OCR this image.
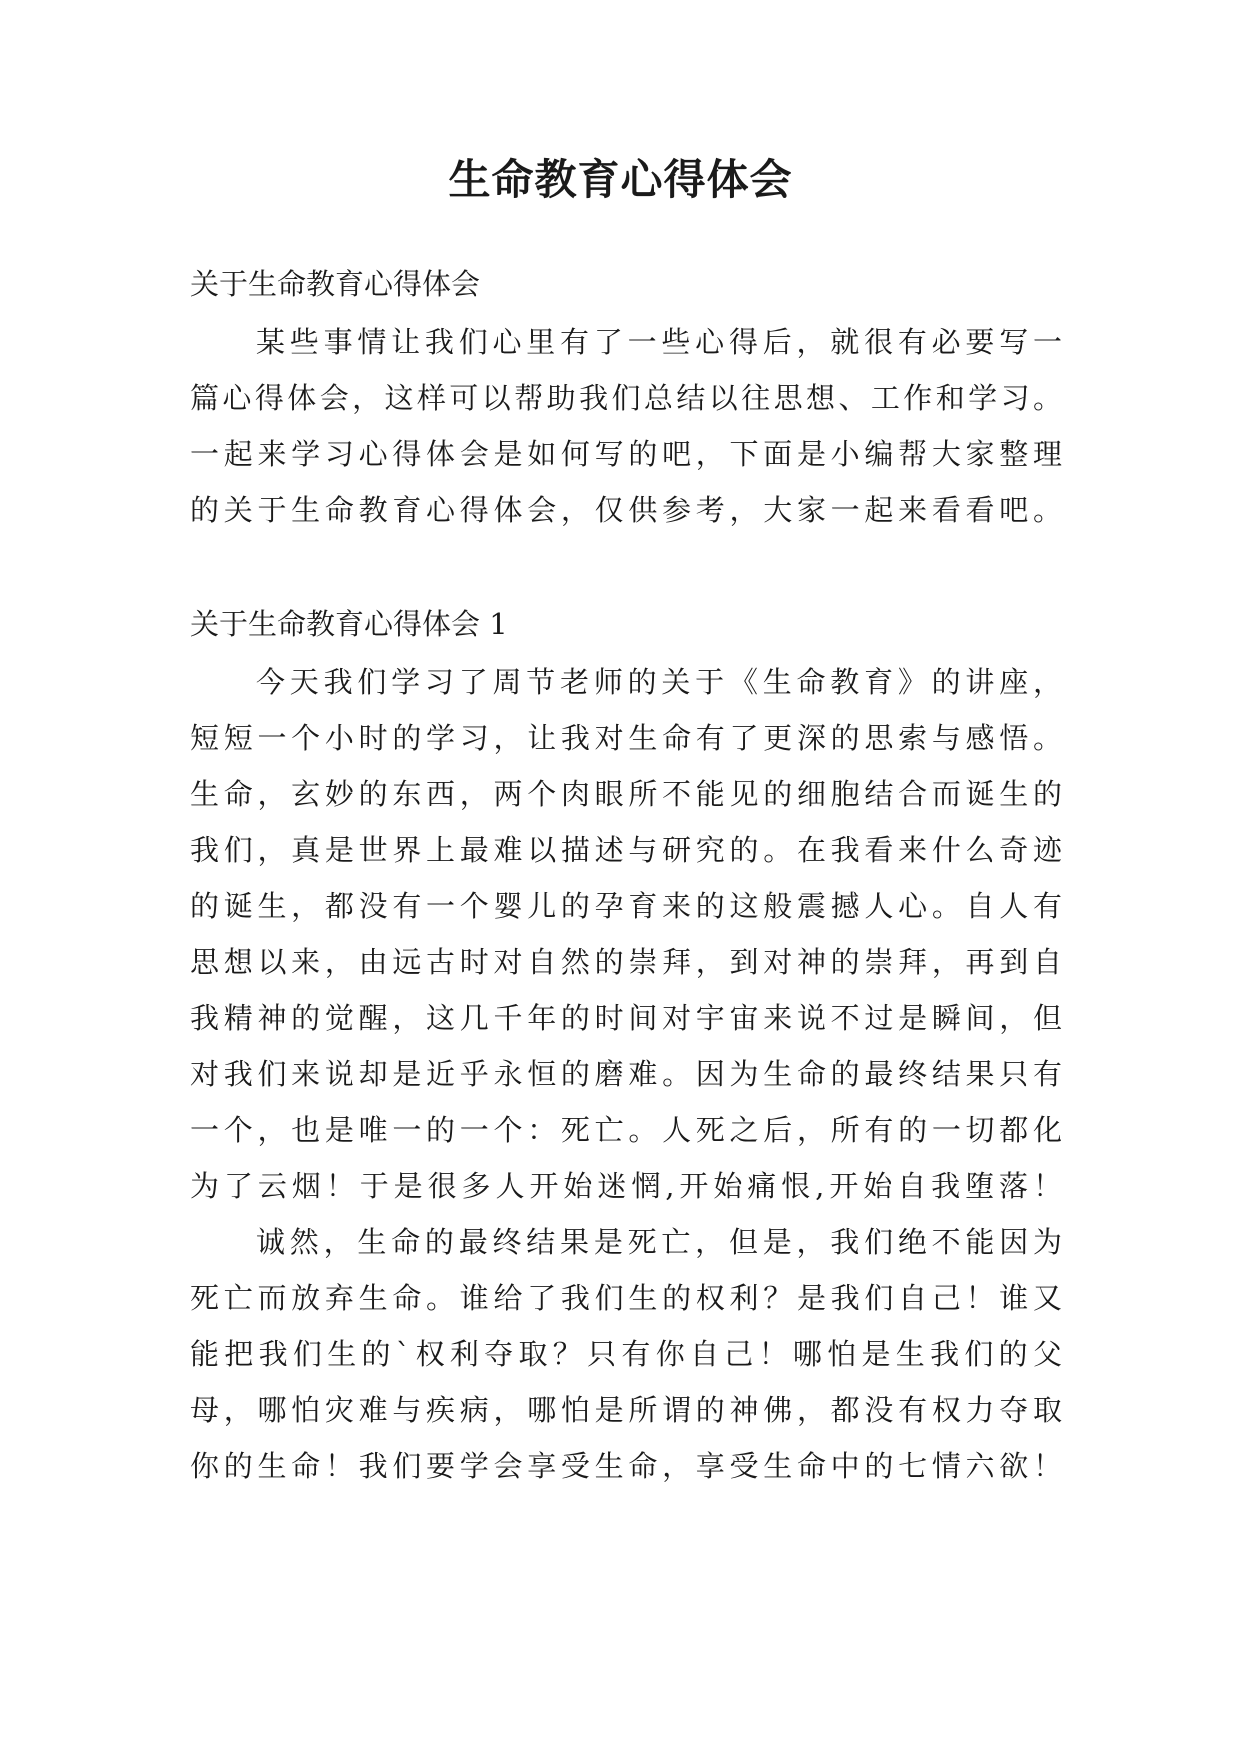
生命教育心得体会
关于生命教育心得体会
某些事情让我们心里有了一些心得后，就很有必要写一
篇心得体会，这样可以帮助我们总结以往思想、工作和学习。
一起来学习心得体会是如何写的吧，下面是小编帮大家整理
的关于生命教育心得体会，仅供参考，大家一起来看看吧。
关于生命教育心得体会 1
今天我们学习了周节老师的关于《生命教育》的讲座，
短短一个小时的学习，让我对生命有了更深的思索与感悟。
生命，玄妙的东西，两个肉眼所不能见的细胞结合而诞生的
我们，真是世界上最难以描述与研究的。在我看来什么奇迹
的诞生，都没有一个婴儿的孕育来的这般震撼人心。自人有
思想以来，由远古时对自然的崇拜，到对神的崇拜，再到自
我精神的觉醒，这几千年的时间对宇宙来说不过是瞬间，但
对我们来说却是近乎永恒的磨难。因为生命的最终结果只有
一个，也是唯一的一个：死亡。人死之后，所有的一切都化
为了云烟！于是很多人开始迷惘,开始痛恨,开始自我堕落！
诚然，生命的最终结果是死亡，但是，我们绝不能因为
死亡而放弃生命。谁给了我们生的权利？是我们自己！谁又
能把我们生的`权利夺取？只有你自己！哪怕是生我们的父
母，哪怕灾难与疾病，哪怕是所谓的神佛，都没有权力夺取
你的生命！我们要学会享受生命，享受生命中的七情六欲！
